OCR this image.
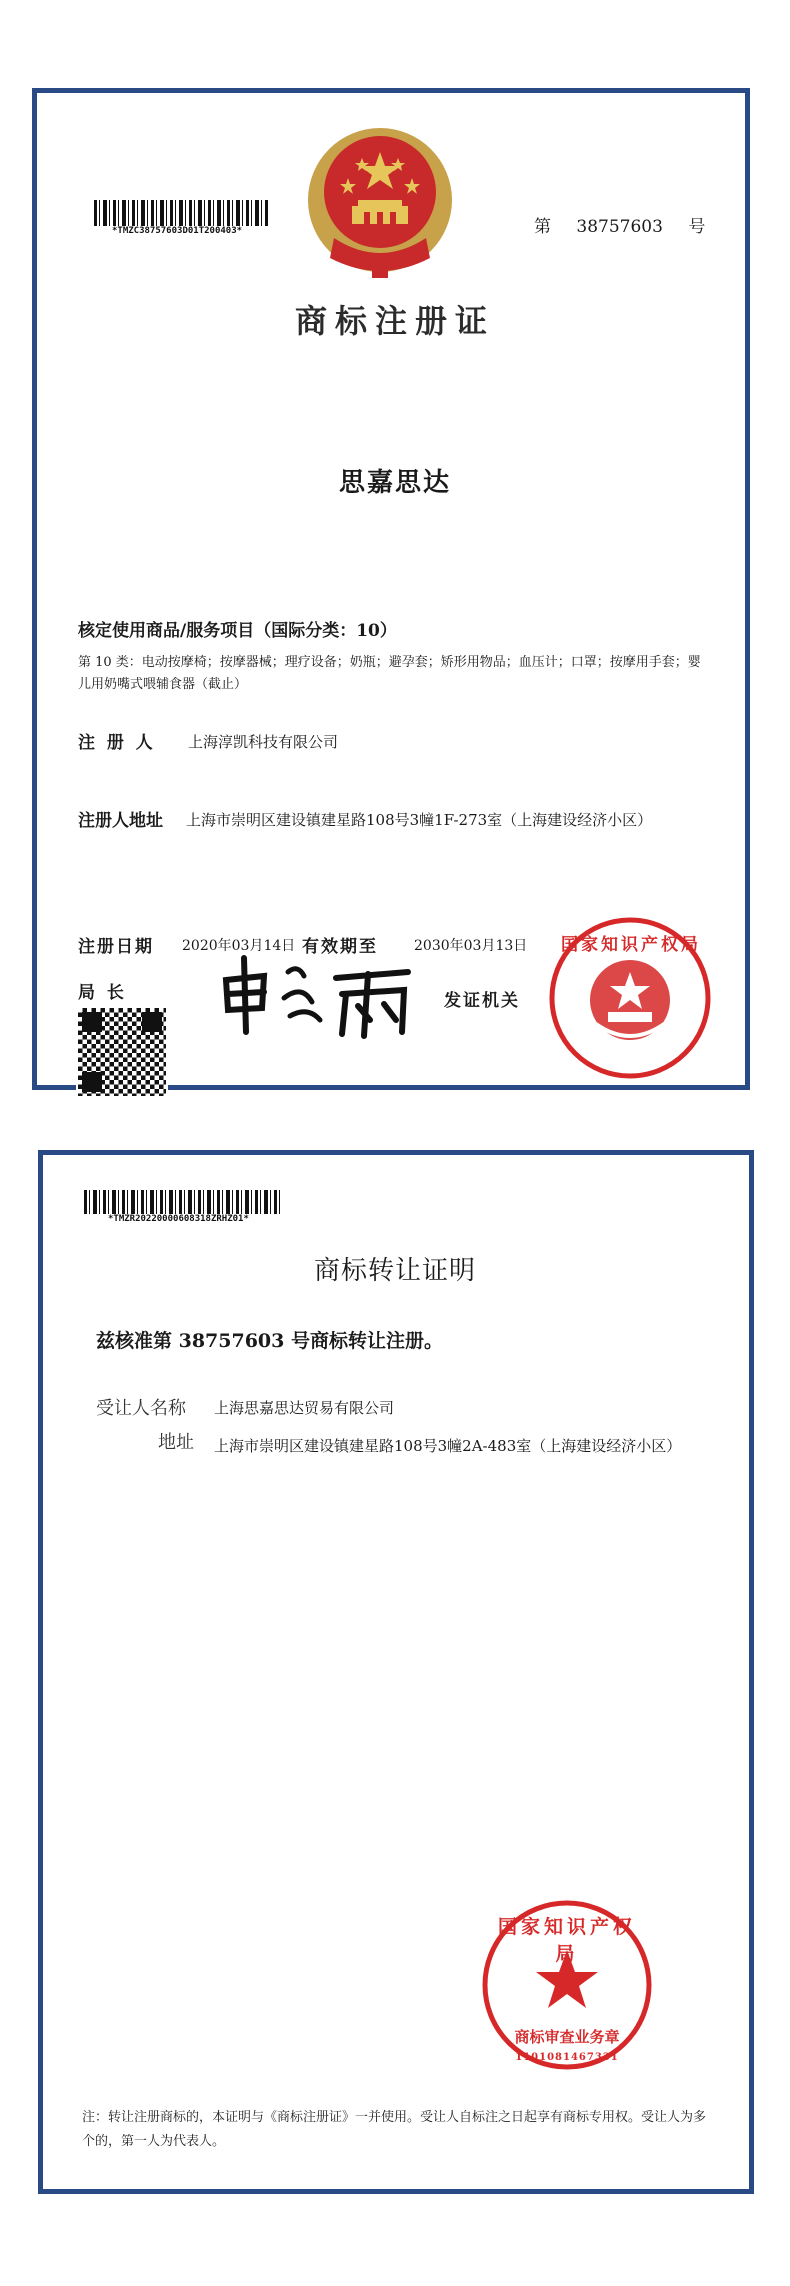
*TMZC38757603D01T200403*	第 38757603 号
商标注册证
思嘉思达
核定使用商品/服务项目（国际分类：10）
第 10 类：电动按摩椅；按摩器械；理疗设备；奶瓶；避孕套；矫形用物品；血压计；口罩；按摩用手套；婴儿用奶嘴式喂辅食器（截止）
注  册  人 上海淳凯科技有限公司
注册人地址 上海市崇明区建设镇建星路108号3幢1F-273室（上海建设经济小区）
注册日期 2020年03月14日 有效期至	2030年03月13日
局  长	发证机关
国家知识产权局
*TMZR20220000608318ZRHZ01*
商标转让证明
兹核准第 38757603 号商标转让注册。
受让人名称 上海思嘉思达贸易有限公司
地址 上海市崇明区建设镇建星路108号3幢2A-483室（上海建设经济小区）
国家知识产权局
商标审查业务章
1101081467331
注：转让注册商标的，本证明与《商标注册证》一并使用。受让人自标注之日起享有商标专用权。受让人为多个的，第一人为代表人。
